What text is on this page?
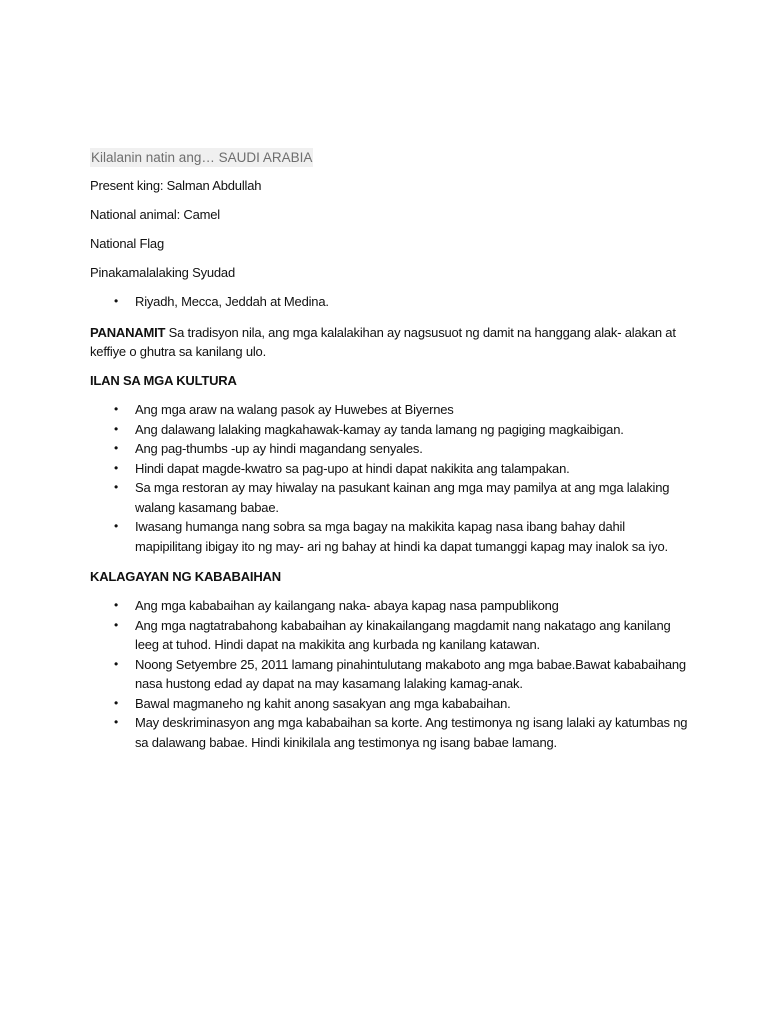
Kilalanin natin ang… SAUDI ARABIA

Present king: Salman Abdullah

National animal: Camel

National Flag

Pinakamalalaking Syudad

• Riyadh, Mecca, Jeddah at Medina.

PANANAMIT Sa tradisyon nila, ang mga kalalakihan ay nagsusuot ng damit na hanggang alak- alakan at keffiye o ghutra sa kanilang ulo.

ILAN SA MGA KULTURA

• Ang mga araw na walang pasok ay Huwebes at Biyernes
• Ang dalawang lalaking magkahawak-kamay ay tanda lamang ng pagiging magkaibigan.
• Ang pag-thumbs -up ay hindi magandang senyales.
• Hindi dapat magde-kwatro sa pag-upo at hindi dapat nakikita ang talampakan.
• Sa mga restoran ay may hiwalay na pasukant kainan ang mga may pamilya at ang mga lalaking walang kasamang babae.
• Iwasang humanga nang sobra sa mga bagay na makikita kapag nasa ibang bahay dahil mapipilitang ibigay ito ng may- ari ng bahay at hindi ka dapat tumanggi kapag may inalok sa iyo.

KALAGAYAN NG KABABAIHAN

• Ang mga kababaihan ay kailangang naka- abaya kapag nasa pampublikong
• Ang mga nagtatrabahong kababaihan ay kinakailangang magdamit nang nakatago ang kanilang leeg at tuhod. Hindi dapat na makikita ang kurbada ng kanilang katawan.
• Noong Setyembre 25, 2011 lamang pinahintulutang makaboto ang mga babae.Bawat kababaihang nasa hustong edad ay dapat na may kasamang lalaking kamag-anak.
• Bawal magmaneho ng kahit anong sasakyan ang mga kababaihan.
• May deskriminasyon ang mga kababaihan sa korte. Ang testimonya ng isang lalaki ay katumbas ng sa dalawang babae. Hindi kinikilala ang testimonya ng isang babae lamang.
